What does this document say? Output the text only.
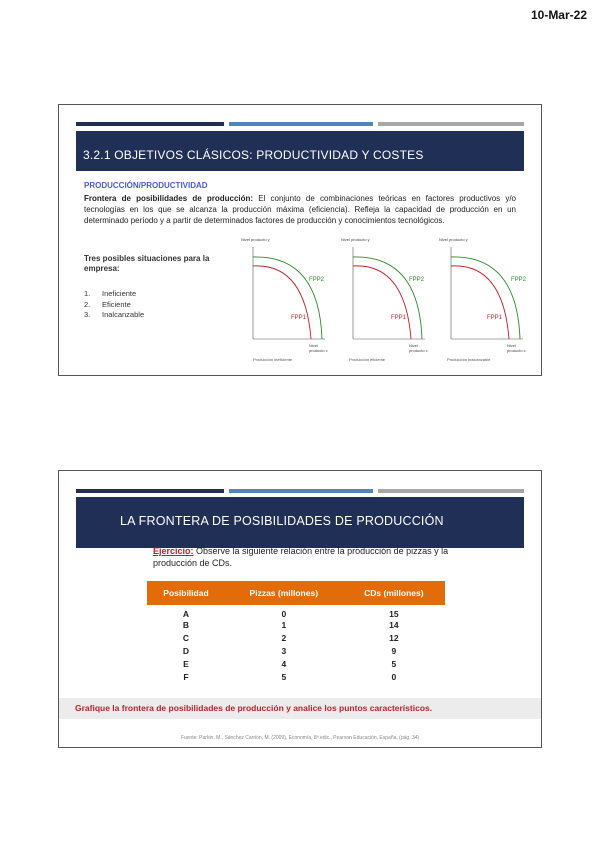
10-Mar-22
3.2.1 OBJETIVOS CLÁSICOS: PRODUCTIVIDAD Y COSTES
PRODUCCIÓN/PRODUCTIVIDAD
Frontera de posibilidades de producción: El conjunto de combinaciones teóricas en factores productivos y/o tecnologías en los que se alcanza la producción máxima (eficiencia). Refleja la capacidad de producción en un determinado período y a partir de determinados factores de producción y conocimientos tecnológicos.
Tres posibles situaciones para la empresa:
1. Ineficiente
2. Eficiente
3. Inalcanzable
Nivel producto y
Nivel producto x
FPP2
FPP1
Producción ineficiente
Nivel producto y
Nivel producto x
FPP2
FPP1
Producción eficiente
Nivel producto y
Nivel producto x
FPP2
FPP1
Producción inalcanzable
LA FRONTERA DE POSIBILIDADES DE PRODUCCIÓN
Ejercicio: Observe la siguiente relación entre la producción de pizzas y la producción de CDs.
Posibilidad	Pizzas (millones)	CDs (millones)
A	0	15
B	1	14
C	2	12
D	3	9
E	4	5
F	5	0
Grafique la frontera de posibilidades de producción y analice los puntos característicos.
Fuente: Parkin, M., Sánchez Carrión, M. (2009), Economía, 8ª edic., Pearson Educación, España, (pág. 34)
